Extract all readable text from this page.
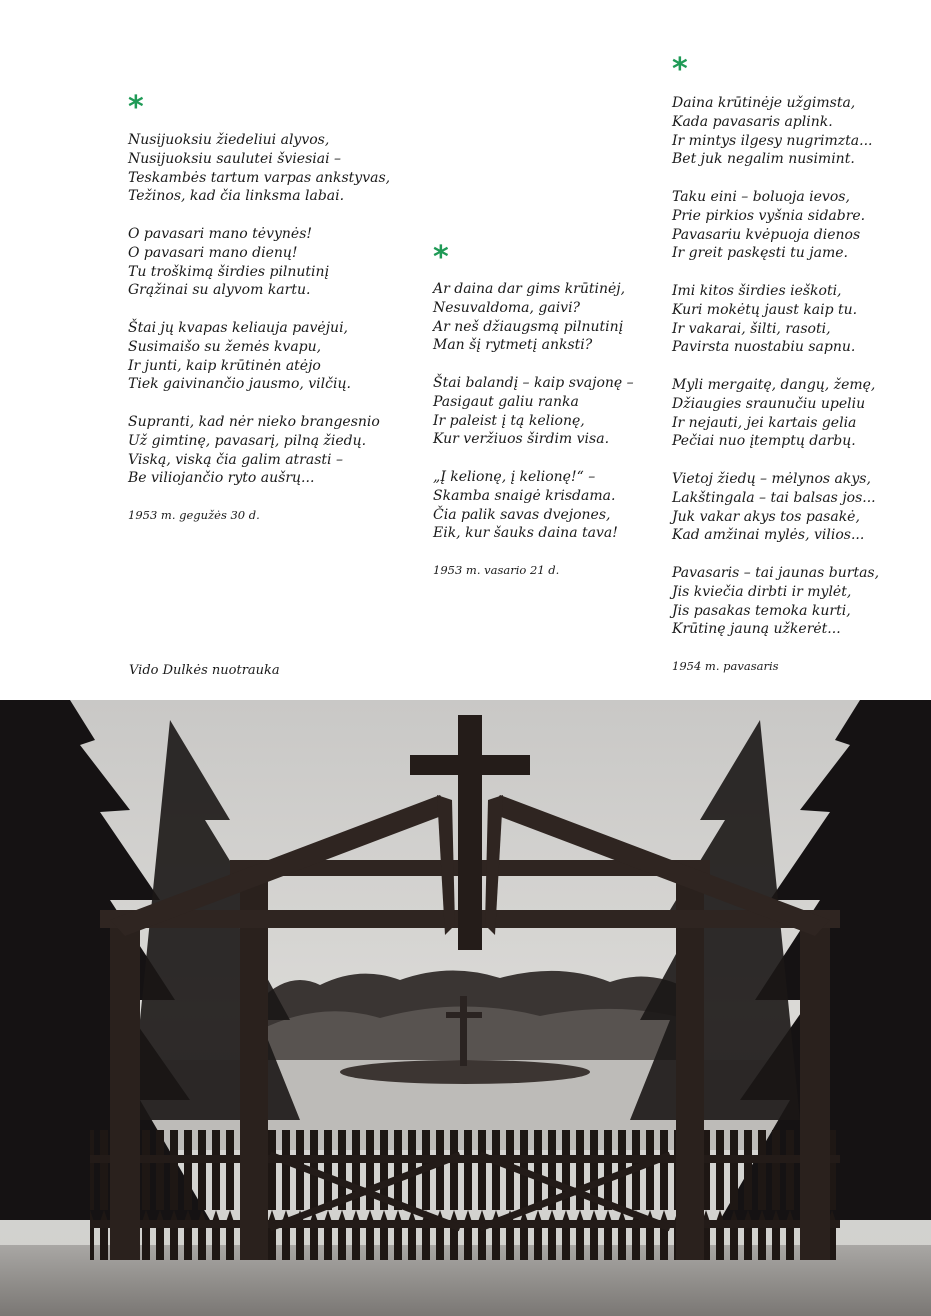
*

Nusijuoksiu žiedeliui alyvos,
Nusijuoksiu saulutei šviesiai –
Teskambės tartum varpas ankstyvas,
Težinos, kad čia linksma labai.

O pavasari mano tėvynės!
O pavasari mano dienų!
Tu troškimą širdies pilnutinį
Grąžinai su alyvom kartu.

Štai jų kvapas keliauja pavėjui,
Susimaišo su žemės kvapu,
Ir junti, kaip krūtinėn atėjo
Tiek gaivinančio jausmo, vilčių.

Supranti, kad nėr nieko brangesnio
Už gimtinę, pavasarį, pilną žiedų.
Viską, viską čia galim atrasti –
Be viliojančio ryto aušrų...

1953 m. gegužės 30 d.
*

Ar daina dar gims krūtinėj,
Nesuvaldoma, gaivi?
Ar neš džiaugsmą pilnutinį
Man šį rytmetį anksti?

Štai balandį – kaip svajonę –
Pasigaut galiu ranka
Ir paleist į tą kelionę,
Kur veržiuos širdim visa.

„Į kelionę, į kelionę!“ –
Skamba snaigė krisdama.
Čia palik savas dvejones,
Eik, kur šauks daina tava!

1953 m. vasario 21 d.
*

Daina krūtinėje užgimsta,
Kada pavasaris aplink.
Ir mintys ilgesy nugrimzta...
Bet juk negalim nusimint.

Taku eini – boluoja ievos,
Prie pirkios vyšnia sidabre.
Pavasariu kvėpuoja dienos
Ir greit paskęsti tu jame.

Imi kitos širdies ieškoti,
Kuri mokėtų jaust kaip tu.
Ir vakarai, šilti, rasoti,
Pavirsta nuostabiu sapnu.

Myli mergaitę, dangų, žemę,
Džiaugies sraunučiu upeliu
Ir nejauti, jei kartais gelia
Pečiai nuo įtemptų darbų.

Vietoj žiedų – mėlynos akys,
Lakštingala – tai balsas jos...
Juk vakar akys tos pasakė,
Kad amžinai mylės, vilios...

Pavasaris – tai jaunas burtas,
Jis kviečia dirbti ir mylėt,
Jis pasakas temoka kurti,
Krūtinę jauną užkerėt...

1954 m. pavasaris
Vido Dulkės nuotrauka
